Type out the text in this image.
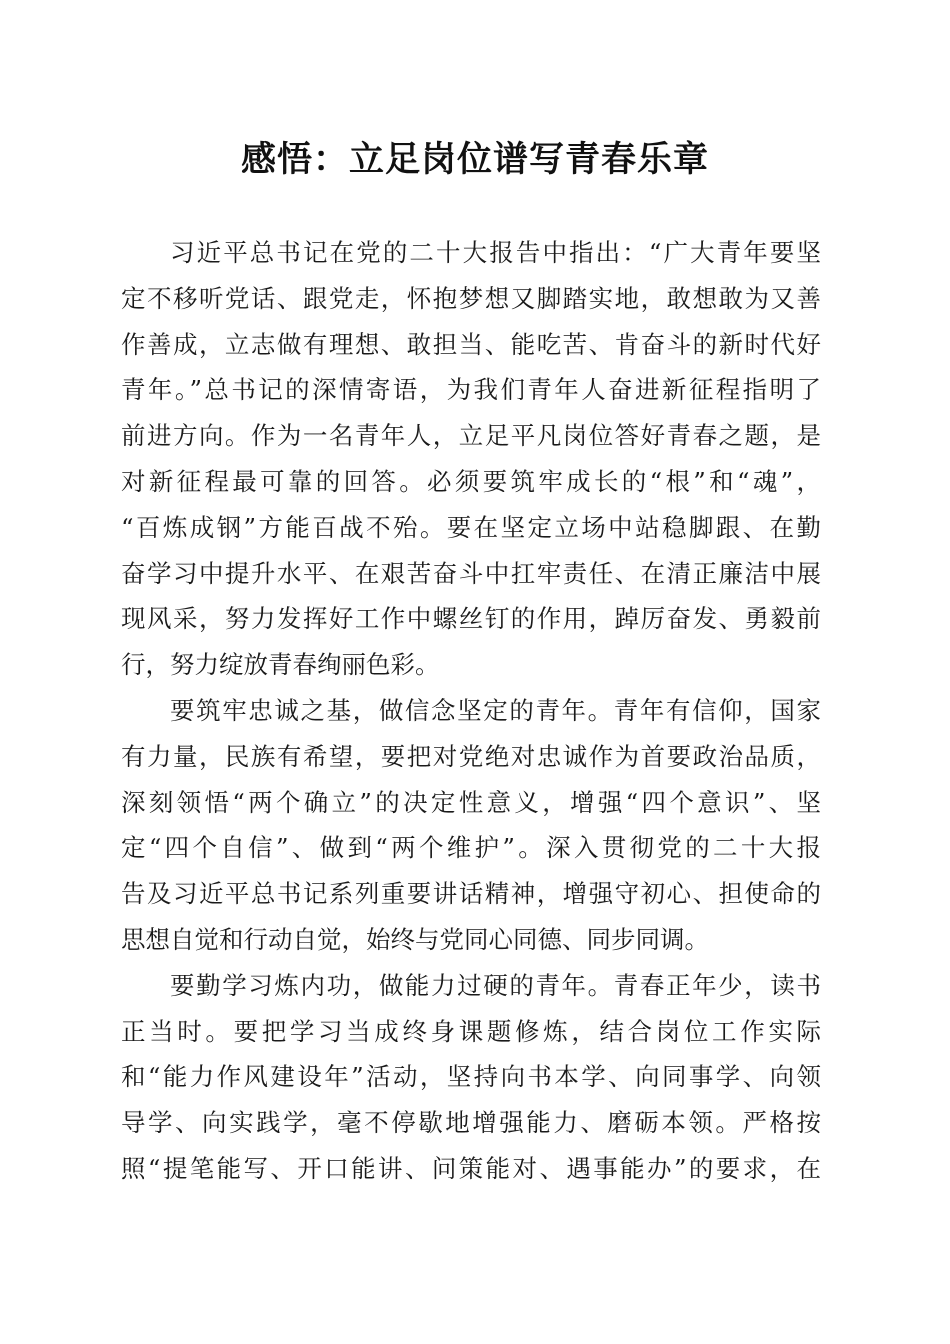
感悟：立足岗位谱写青春乐章
习近平总书记在党的二十大报告中指出：“广大青年要坚
定不移听党话、跟党走，怀抱梦想又脚踏实地，敢想敢为又善
作善成，立志做有理想、敢担当、能吃苦、肯奋斗的新时代好
青年。”总书记的深情寄语，为我们青年人奋进新征程指明了
前进方向。作为一名青年人，立足平凡岗位答好青春之题，是
对新征程最可靠的回答。必须要筑牢成长的“根”和“魂”，
“百炼成钢”方能百战不殆。要在坚定立场中站稳脚跟、在勤
奋学习中提升水平、在艰苦奋斗中扛牢责任、在清正廉洁中展
现风采，努力发挥好工作中螺丝钉的作用，踔厉奋发、勇毅前
行，努力绽放青春绚丽色彩。
要筑牢忠诚之基，做信念坚定的青年。青年有信仰，国家
有力量，民族有希望，要把对党绝对忠诚作为首要政治品质，
深刻领悟“两个确立”的决定性意义，增强“四个意识”、坚
定“四个自信”、做到“两个维护”。深入贯彻党的二十大报
告及习近平总书记系列重要讲话精神，增强守初心、担使命的
思想自觉和行动自觉，始终与党同心同德、同步同调。
要勤学习炼内功，做能力过硬的青年。青春正年少，读书
正当时。要把学习当成终身课题修炼，结合岗位工作实际
和“能力作风建设年”活动，坚持向书本学、向同事学、向领
导学、向实践学，毫不停歇地增强能力、磨砺本领。严格按
照“提笔能写、开口能讲、问策能对、遇事能办”的要求，在
